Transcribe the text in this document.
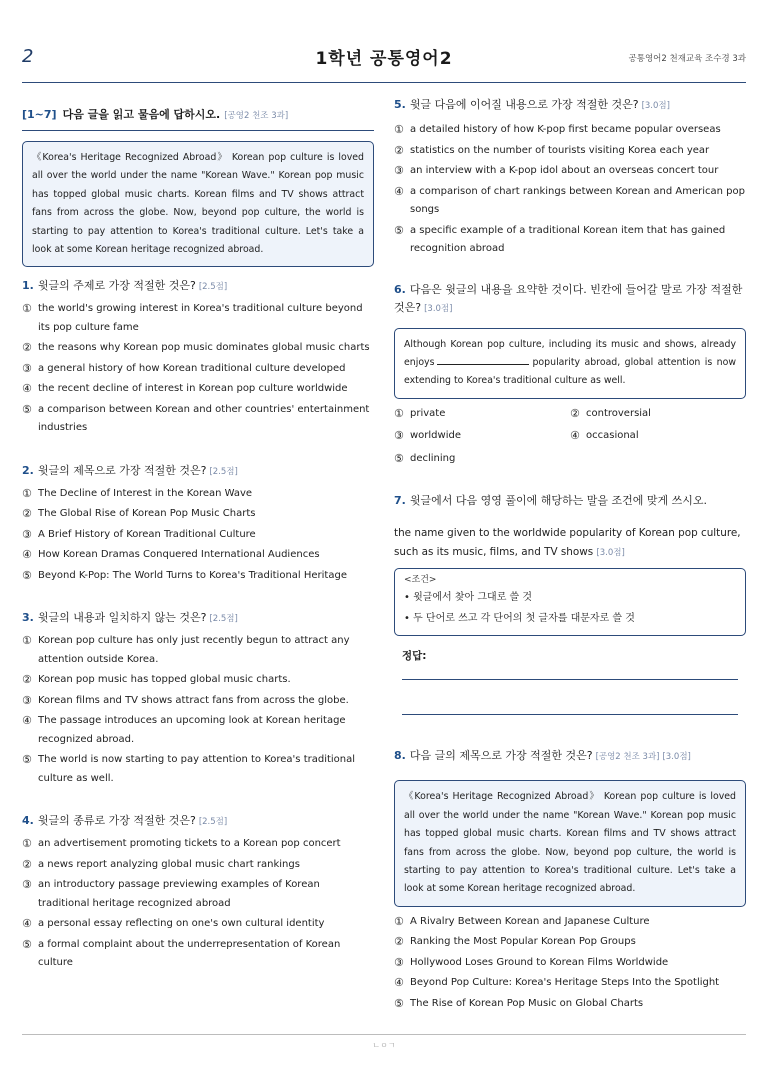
2	1학년 공통영어2	공통영어2 천재교육 조수경 3과
[1~7] 다음 글을 읽고 물음에 답하시오. [공영2 천조 3과]
《Korea's Heritage Recognized Abroad》 Korean pop culture is loved all over the world under the name "Korean Wave." Korean pop music has topped global music charts. Korean films and TV shows attract fans from across the globe. Now, beyond pop culture, the world is starting to pay attention to Korea's traditional culture. Let's take a look at some Korean heritage recognized abroad.
1. 윗글의 주제로 가장 적절한 것은? [2.5점]
① the world's growing interest in Korea's traditional culture beyond its pop culture fame
② the reasons why Korean pop music dominates global music charts
③ a general history of how Korean traditional culture developed
④ the recent decline of interest in Korean pop culture worldwide
⑤ a comparison between Korean and other countries' entertainment industries
2. 윗글의 제목으로 가장 적절한 것은? [2.5점]
① The Decline of Interest in the Korean Wave
② The Global Rise of Korean Pop Music Charts
③ A Brief History of Korean Traditional Culture
④ How Korean Dramas Conquered International Audiences
⑤ Beyond K-Pop: The World Turns to Korea's Traditional Heritage
3. 윗글의 내용과 일치하지 않는 것은? [2.5점]
① Korean pop culture has only just recently begun to attract any attention outside Korea.
② Korean pop music has topped global music charts.
③ Korean films and TV shows attract fans from across the globe.
④ The passage introduces an upcoming look at Korean heritage recognized abroad.
⑤ The world is now starting to pay attention to Korea's traditional culture as well.
4. 윗글의 종류로 가장 적절한 것은? [2.5점]
① an advertisement promoting tickets to a Korean pop concert
② a news report analyzing global music chart rankings
③ an introductory passage previewing examples of Korean traditional heritage recognized abroad
④ a personal essay reflecting on one's own cultural identity
⑤ a formal complaint about the underrepresentation of Korean culture
5. 윗글 다음에 이어질 내용으로 가장 적절한 것은? [3.0점]
① a detailed history of how K-pop first became popular overseas
② statistics on the number of tourists visiting Korea each year
③ an interview with a K-pop idol about an overseas concert tour
④ a comparison of chart rankings between Korean and American pop songs
⑤ a specific example of a traditional Korean item that has gained recognition abroad
6. 다음은 윗글의 내용을 요약한 것이다. 빈칸에 들어갈 말로 가장 적절한 것은? [3.0점]
Although Korean pop culture, including its music and shows, already enjoys	popularity abroad, global attention is now extending to Korea's traditional culture as well.
① private	② controversial
③ worldwide	④ occasional
⑤ declining
7. 윗글에서 다음 영영 풀이에 해당하는 말을 조건에 맞게 쓰시오.
the name given to the worldwide popularity of Korean pop culture, such as its music, films, and TV shows [3.0점]
<조건>
• 윗글에서 찾아 그대로 쓸 것
• 두 단어로 쓰고 각 단어의 첫 글자를 대문자로 쓸 것
정답:
8. 다음 글의 제목으로 가장 적절한 것은? [공영2 천조 3과] [3.0점]
《Korea's Heritage Recognized Abroad》 Korean pop culture is loved all over the world under the name "Korean Wave." Korean pop music has topped global music charts. Korean films and TV shows attract fans from across the globe. Now, beyond pop culture, the world is starting to pay attention to Korea's traditional culture. Let's take a look at some Korean heritage recognized abroad.
① A Rivalry Between Korean and Japanese Culture
② Ranking the Most Popular Korean Pop Groups
③ Hollywood Loses Ground to Korean Films Worldwide
④ Beyond Pop Culture: Korea's Heritage Steps Into the Spotlight
⑤ The Rise of Korean Pop Music on Global Charts
ㄴㅇㄱ
